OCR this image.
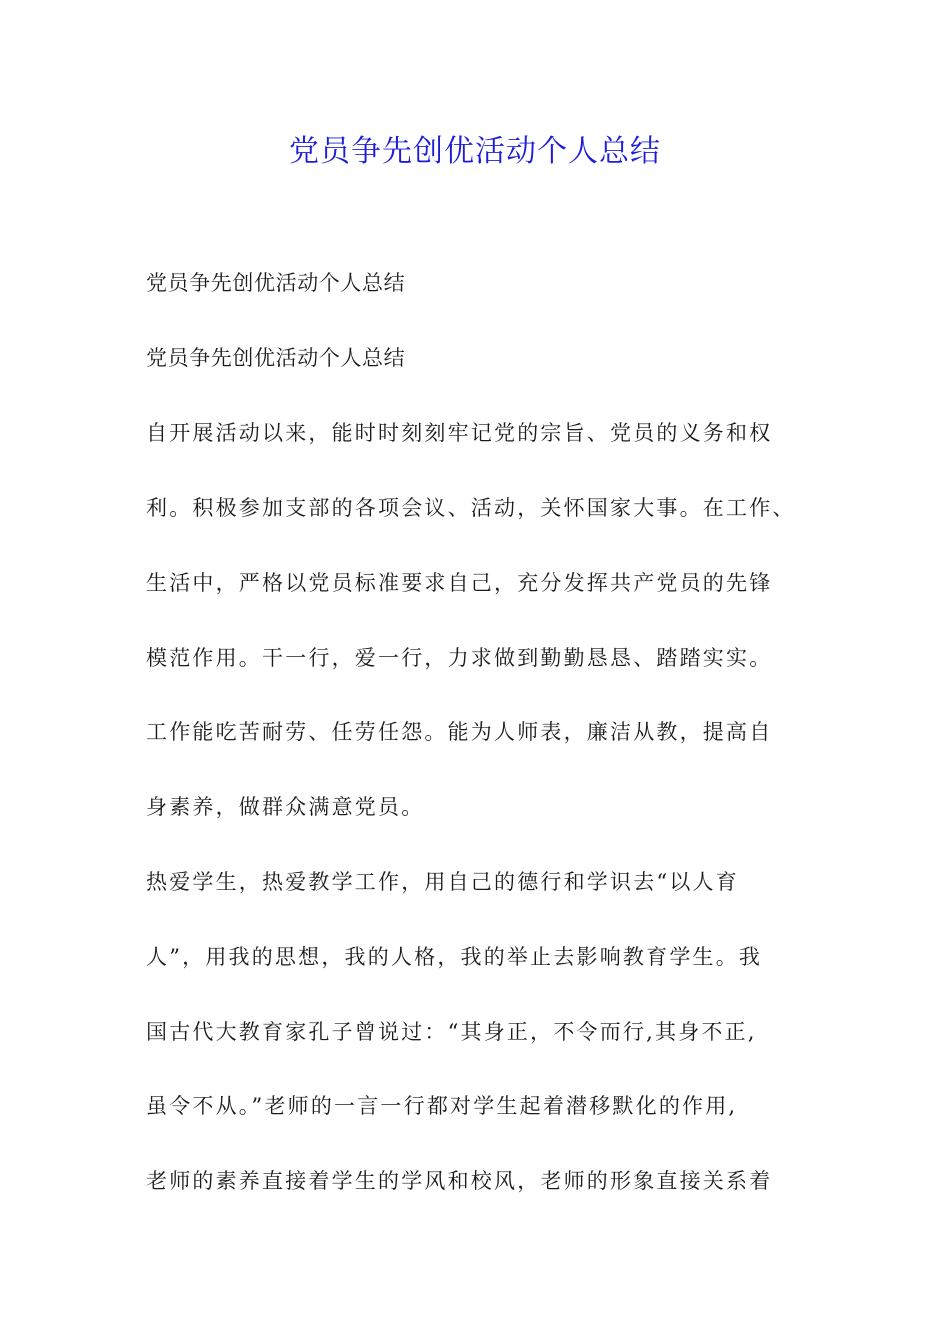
党员争先创优活动个人总结

党员争先创优活动个人总结

党员争先创优活动个人总结

自开展活动以来，能时时刻刻牢记党的宗旨、党员的义务和权

利。积极参加支部的各项会议、活动，关怀国家大事。在工作、

生活中，严格以党员标准要求自己，充分发挥共产党员的先锋

模范作用。干一行，爱一行，力求做到勤勤恳恳、踏踏实实。

工作能吃苦耐劳、任劳任怨。能为人师表，廉洁从教，提高自

身素养，做群众满意党员。

热爱学生，热爱教学工作，用自己的德行和学识去“以人育

人”，用我的思想，我的人格，我的举止去影响教育学生。我

国古代大教育家孔子曾说过：“其身正，不令而行,其身不正,

虽令不从。”老师的一言一行都对学生起着潜移默化的作用,

老师的素养直接着学生的学风和校风，老师的形象直接关系着
